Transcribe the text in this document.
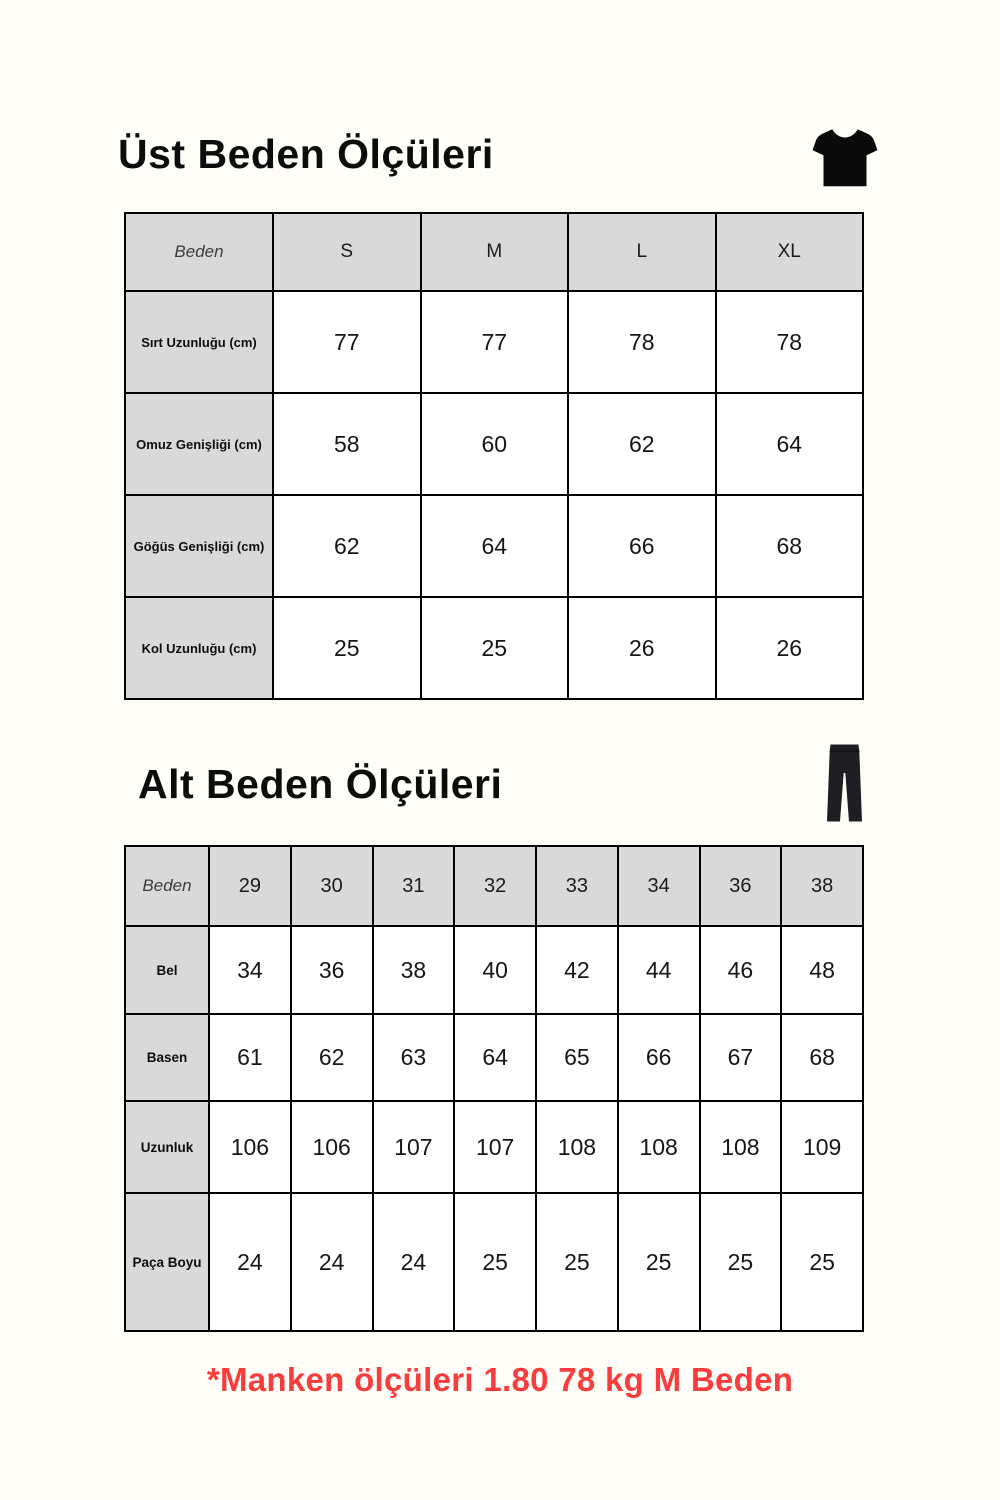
Üst Beden Ölçüleri
Beden	S	M	L	XL
Sırt Uzunluğu (cm)	77	77	78	78
Omuz Genişliği (cm)	58	60	62	64
Göğüs Genişliği (cm)	62	64	66	68
Kol Uzunluğu (cm)	25	25	26	26
Alt Beden Ölçüleri
Beden	29	30	31	32	33	34	36	38
Bel	34	36	38	40	42	44	46	48
Basen	61	62	63	64	65	66	67	68
Uzunluk	106	106	107	107	108	108	108	109
Paça Boyu	24	24	24	25	25	25	25	25
*Manken ölçüleri 1.80 78 kg M Beden
